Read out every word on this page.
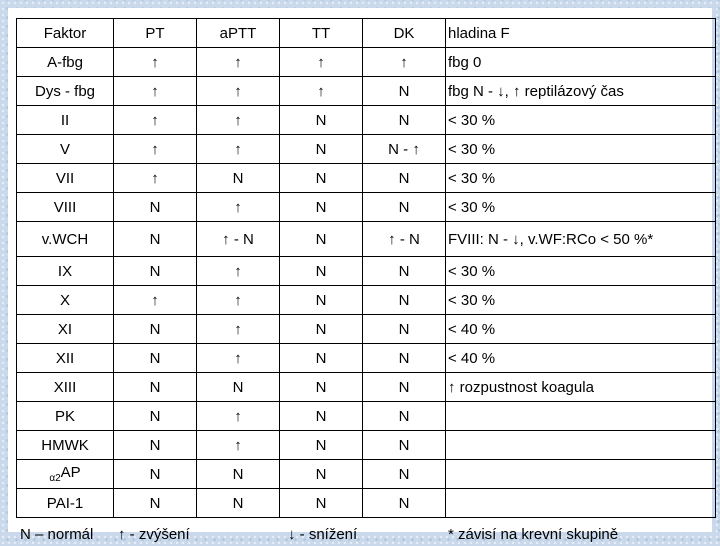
Faktor	PT	aPTT	TT	DK	hladina F
A-fbg	↑	↑	↑	↑	fbg 0
Dys - fbg	↑	↑	↑	N	fbg N - ↓, ↑ reptilázový čas
II	↑	↑	N	N	< 30 %
V	↑	↑	N	N - ↑	< 30 %
VII	↑	N	N	N	< 30 %
VIII	N	↑	N	N	< 30 %
v.WCH	N	↑ - N	N	↑ - N	FVIII: N - ↓, v.WF:RCo < 50 %*
IX	N	↑	N	N	< 30 %
X	↑	↑	N	N	< 30 %
XI	N	↑	N	N	< 40 %
XII	N	↑	N	N	< 40 %
XIII	N	N	N	N	↑ rozpustnost koagula
PK	N	↑	N	N	
HMWK	N	↑	N	N	
$_{\alpha 2}$AP	N	N	N	N	
PAI-1	N	N	N	N	
N – normál ↑ - zvýšení	↓ - snížení	* závisí na krevní skupině
